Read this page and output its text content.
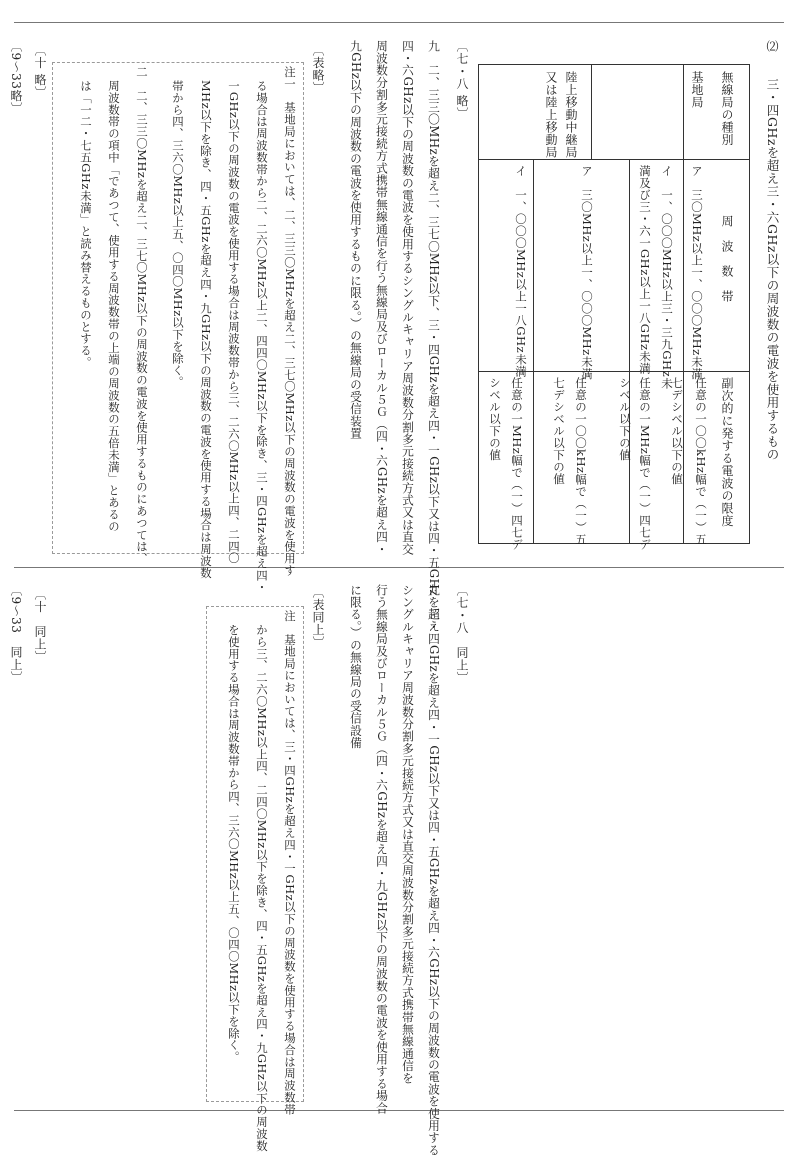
⑵
三・四GHzを超え三・六GHz以下の周波数の電波を使用するもの
無線局の種別
周　波　数　帯
副次的に発する電波の限度
基地局
陸上移動中継局
又は陸上移動局
ア　三〇MHz以上一、〇〇〇MHz未満
イ　一、〇〇〇MHz以上三・三九GHz未
満及び三・六一GHz以上一八GHz未満
ア　三〇MHz以上一、〇〇〇MHz未満
イ　一、〇〇〇MHz以上一八GHz未満
任意の一〇〇kHz幅で（一）五
七デシベル以下の値
任意の一MHz幅で（一）四七デ
シベル以下の値
任意の一〇〇kHz幅で（一）五
七デシベル以下の値
任意の一MHz幅で（一）四七デ
シベル以下の値
〔七・八 略〕
〔表略〕
〔十 略〕
〔9〜33略〕	九　二、三三〇MHzを超え二、三七〇MHz以下、三・四GHzを超え四・一GHz以下又は四・五GHzを超え
四・六GHz以下の周波数の電波を使用するシングルキャリア周波数分割多元接続方式又は直交
周波数分割多元接続方式携帯無線通信を行う無線局及びローカル５Ｇ（四・六GHzを超え四・
九GHz以下の周波数の電波を使用するものに限る。）の無線局の受信装置
注一　基地局においては、二、三三〇MHzを超え二、三七〇MHz以下の周波数の電波を使用す
る場合は周波数帯から二、二六〇MHz以上二、四四〇MHz以下を除き、三・四GHzを超え四・
一GHz以下の周波数の電波を使用する場合は周波数帯から三、二六〇MHz以上四、二四〇
MHz以下を除き、四・五GHzを超え四・九GHz以下の周波数の電波を使用する場合は周波数
帯から四、三六〇MHz以上五、〇四〇MHz以下を除く。
二　二、三三〇MHzを超え二、三七〇MHz以下の周波数の電波を使用するものにあつては、
周波数帯の項中「であつて、使用する周波数帯の上端の周波数の五倍未満」とあるの
は「一二・七五GHz未満」と読み替えるものとする。
〔七・八　同上〕
〔表同上〕
〔十　同上〕
〔9〜33　同上〕	九　三・四GHzを超え四・一GHz以下又は四・五GHzを超え四・六GHz以下の周波数の電波を使用する
シングルキャリア周波数分割多元接続方式又は直交周波数分割多元接続方式携帯無線通信を
行う無線局及びローカル５Ｇ（四・六GHzを超え四・九GHz以下の周波数の電波を使用する場合
に限る。）の無線局の受信設備
注　基地局においては、三・四GHzを超え四・一GHz以下の周波数を使用する場合は周波数帯
から三、二六〇MHz以上四、二四〇MHz以下を除き、四・五GHzを超え四・九GHz以下の周波数
を使用する場合は周波数帯から四、三六〇MHz以上五、〇四〇MHz以下を除く。
